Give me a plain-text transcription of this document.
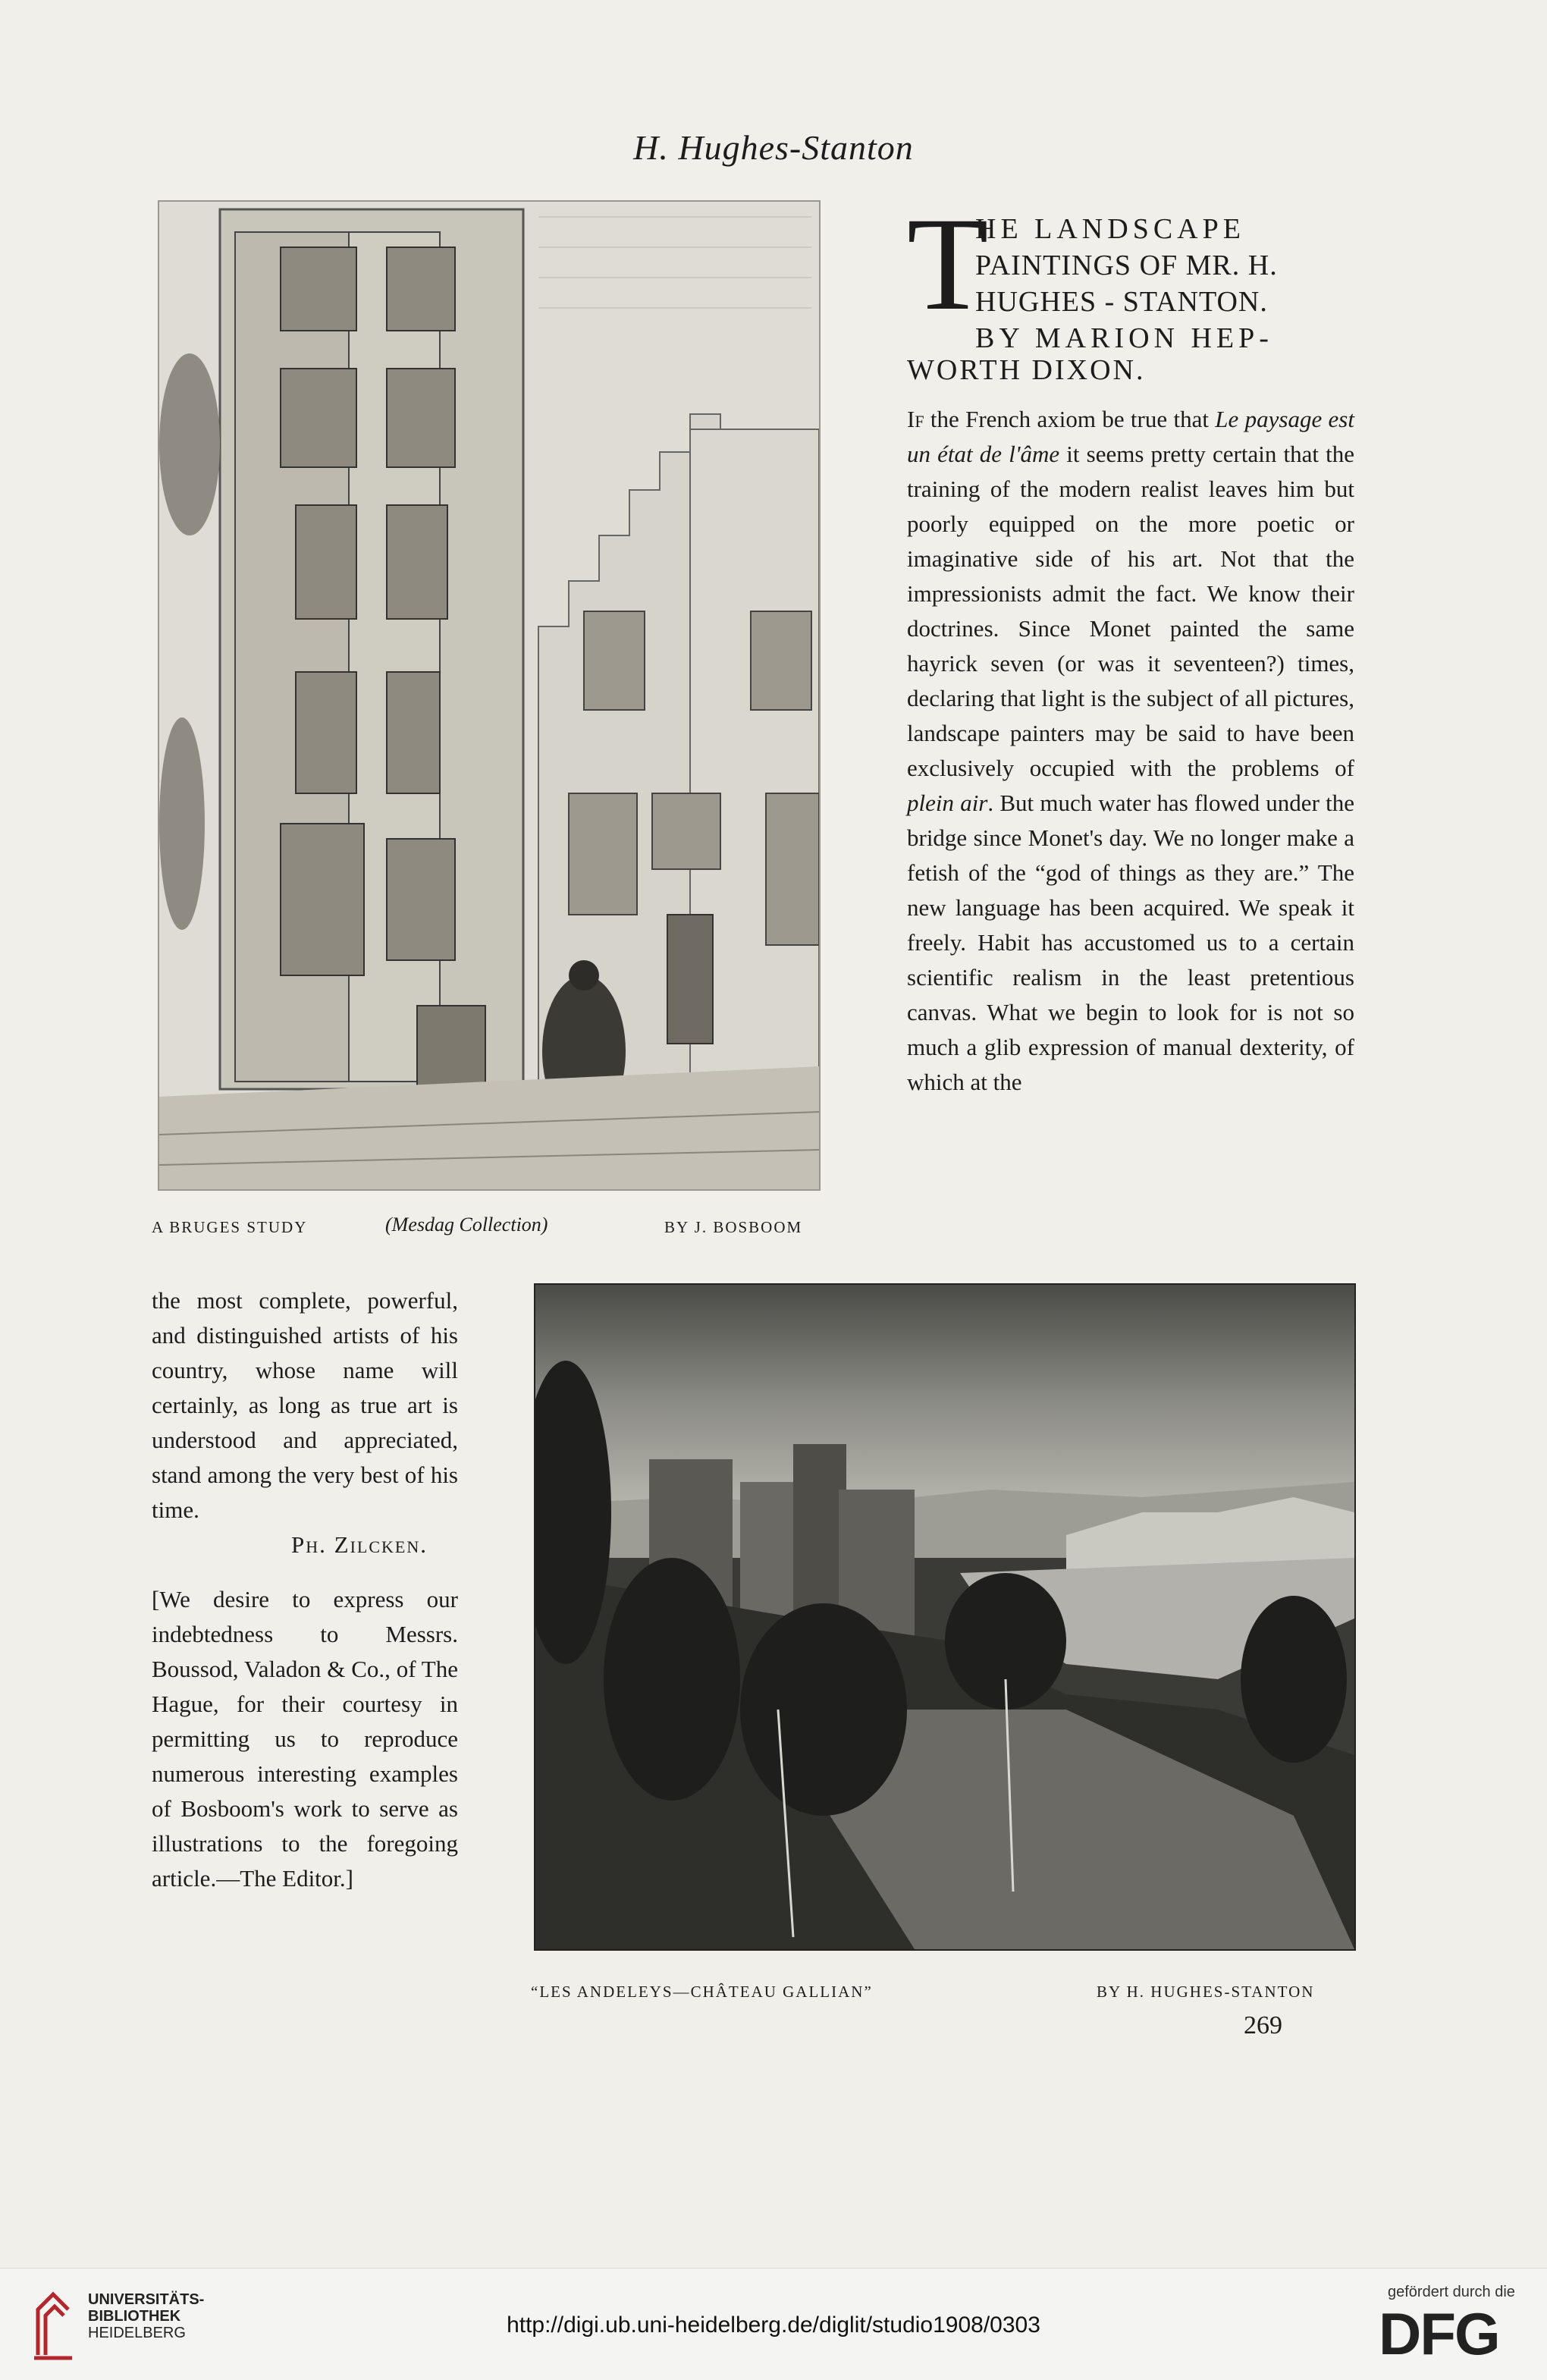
H. Hughes-Stanton
A BRUGES STUDY	(Mesdag Collection)	BY J. BOSBOOM
T
HE LANDSCAPE
PAINTINGS OF MR. H.
HUGHES - STANTON.
BY MARION HEP-
WORTH DIXON.

If the French axiom be true that Le paysage est un état de l'âme it seems pretty certain that the training of the modern realist leaves him but poorly equipped on the more poetic or imaginative side of his art. Not that the impressionists admit the fact. We know their doctrines. Since Monet painted the same hayrick seven (or was it seventeen?) times, declaring that light is the subject of all pictures, landscape painters may be said to have been exclusively occupied with the problems of plein air. But much water has flowed under the bridge since Monet's day. We no longer make a fetish of the “god of things as they are.” The new language has been acquired. We speak it freely. Habit has accustomed us to a certain scientific realism in the least pretentious canvas. What we begin to look for is not so much a glib expression of manual dexterity, of which at the

the most complete, powerful, and distinguished artists of his country, whose name will certainly, as long as true art is understood and appreciated, stand among the very best of his time.

Ph. Zilcken.

[We desire to express our indebtedness to Messrs. Boussod, Valadon & Co., of The Hague, for their courtesy in permitting us to reproduce numerous interesting examples of Bosboom's work to serve as illustrations to the foregoing article.—The Editor.]

“LES ANDELEYS—CHÂTEAU GALLIAN”	BY H. HUGHES-STANTON
269
UNIVERSITÄTS-
BIBLIOTHEK
HEIDELBERG	http://digi.ub.uni-heidelberg.de/diglit/studio1908/0303
gefördert durch die
DFG
